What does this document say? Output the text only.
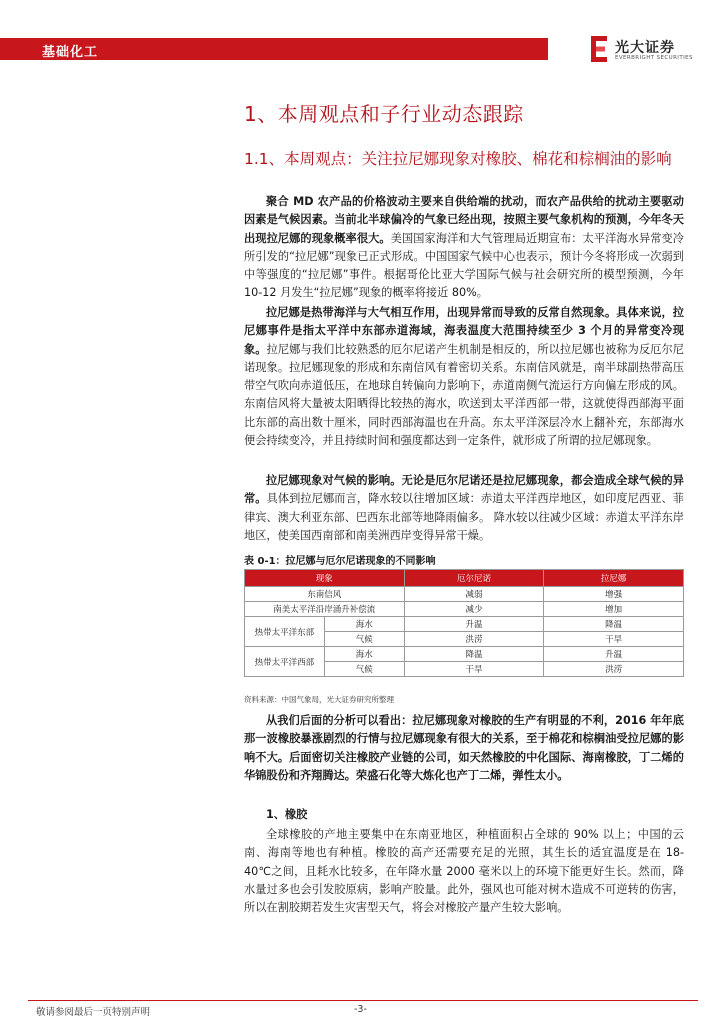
基础化工	光大证券
EVERBRIGHT SECURITIES
1、本周观点和子行业动态跟踪
1.1、本周观点：关注拉尼娜现象对橡胶、棉花和棕榈油的影响

聚合 MD 农产品的价格波动主要来自供给端的扰动，而农产品供给的扰动主要驱动因素是气候因素。当前北半球偏冷的气象已经出现，按照主要气象机构的预测，今年冬天出现拉尼娜的现象概率很大。美国国家海洋和大气管理局近期宣布：太平洋海水异常变冷所引发的“拉尼娜”现象已正式形成。中国国家气候中心也表示，预计今冬将形成一次弱到中等强度的“拉尼娜”事件。根据哥伦比亚大学国际气候与社会研究所的模型预测，今年 10-12 月发生“拉尼娜”现象的概率将接近 80%。

拉尼娜是热带海洋与大气相互作用，出现异常而导致的反常自然现象。具体来说，拉尼娜事件是指太平洋中东部赤道海域，海表温度大范围持续至少 3 个月的异常变冷现象。拉尼娜与我们比较熟悉的厄尔尼诺产生机制是相反的，所以拉尼娜也被称为反厄尔尼诺现象。拉尼娜现象的形成和东南信风有着密切关系。东南信风就是，南半球副热带高压带空气吹向赤道低压，在地球自转偏向力影响下，赤道南侧气流运行方向偏左形成的风。东南信风将大量被太阳晒得比较热的海水，吹送到太平洋西部一带，这就使得西部海平面比东部的高出数十厘米，同时西部海温也在升高。东太平洋深层冷水上翻补充，东部海水便会持续变冷，并且持续时间和强度都达到一定条件，就形成了所谓的拉尼娜现象。

拉尼娜现象对气候的影响。无论是厄尔尼诺还是拉尼娜现象，都会造成全球气候的异常。具体到拉尼娜而言，降水较以往增加区域：赤道太平洋西岸地区，如印度尼西亚、菲律宾、澳大利亚东部、巴西东北部等地降雨偏多。 降水较以往减少区域：赤道太平洋东岸地区，使美国西南部和南美洲西岸变得异常干燥。

表 0-1：拉尼娜与厄尔尼诺现象的不同影响
现象		厄尔尼诺	拉尼娜
东南信风		减弱	增强
南美太平洋沿岸涌升补偿流		减少	增加
热带太平洋东部	海水	升温	降温
	气候	洪涝	干旱
热带太平洋西部	海水	降温	升温
	气候	干旱	洪涝
资料来源：中国气象局，光大证券研究所整理

从我们后面的分析可以看出：拉尼娜现象对橡胶的生产有明显的不利，2016 年年底那一波橡胶暴涨剧烈的行情与拉尼娜现象有很大的关系，至于棉花和棕榈油受拉尼娜的影响不大。后面密切关注橡胶产业链的公司，如天然橡胶的中化国际、海南橡胶，丁二烯的华锦股份和齐翔腾达。荣盛石化等大炼化也产丁二烯，弹性太小。

1、橡胶

全球橡胶的产地主要集中在东南亚地区，种植面积占全球的 90% 以上；中国的云南、海南等地也有种植。橡胶的高产还需要充足的光照，其生长的适宜温度是在 18-40℃之间，且耗水比较多，在年降水量 2000 毫米以上的环境下能更好生长。然而，降水量过多也会引发胶原病，影响产胶量。此外，强风也可能对树木造成不可逆转的伤害，所以在割胶期若发生灾害型天气，将会对橡胶产量产生较大影响。

敬请参阅最后一页特别声明	-3-
